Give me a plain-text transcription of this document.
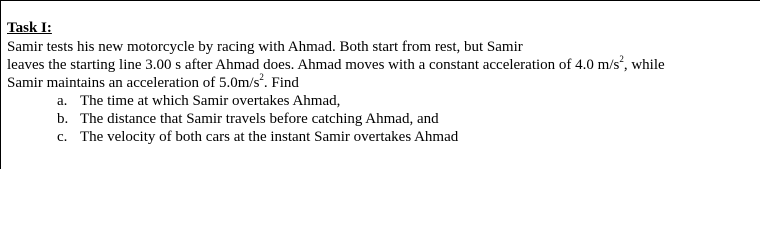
Task I:
Samir tests his new motorcycle by racing with Ahmad. Both start from rest, but Samir
leaves the starting line 3.00 s after Ahmad does. Ahmad moves with a constant acceleration of 4.0 $m/s^2$, while
Samir maintains an acceleration of $5.0m/s^2$. Find
a. The time at which Samir overtakes Ahmad,
b. The distance that Samir travels before catching Ahmad, and
c. The velocity of both cars at the instant Samir overtakes Ahmad
